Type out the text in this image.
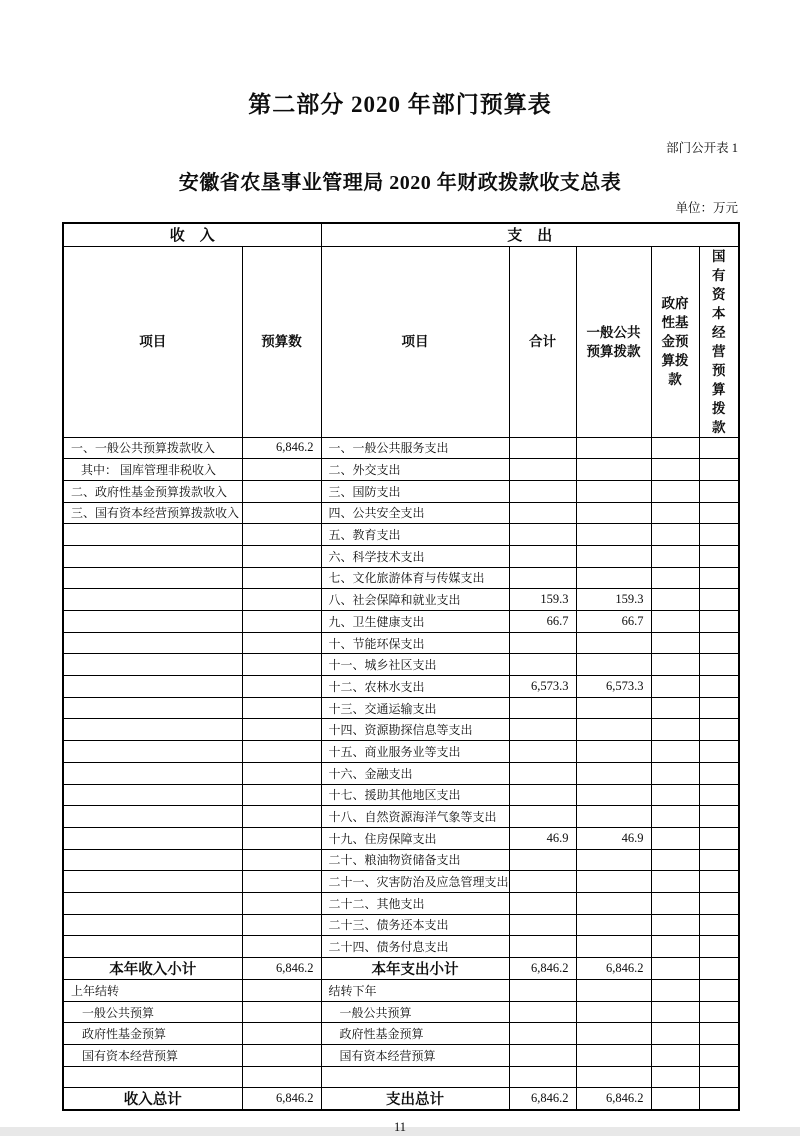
第二部分 2020 年部门预算表
部门公开表 1
安徽省农垦事业管理局 2020 年财政拨款收支总表
单位：万元
收　入		支　出				
项目	预算数	项目	合计	一般公共预算拨款	政府性基金预算拨款	国有资本经营预算拨款
一、一般公共预算拨款收入	6,846.2	一、一般公共服务支出				
其中： 国库管理非税收入		二、外交支出				
二、政府性基金预算拨款收入		三、国防支出				
三、国有资本经营预算拨款收入		四、公共安全支出				
		五、教育支出				
		六、科学技术支出				
		七、文化旅游体育与传媒支出				
		八、社会保障和就业支出	159.3	159.3		
		九、卫生健康支出	66.7	66.7		
		十、节能环保支出				
		十一、城乡社区支出				
		十二、农林水支出	6,573.3	6,573.3		
		十三、交通运输支出				
		十四、资源勘探信息等支出				
		十五、商业服务业等支出				
		十六、金融支出				
		十七、援助其他地区支出				
		十八、自然资源海洋气象等支出				
		十九、住房保障支出	46.9	46.9		
		二十、粮油物资储备支出				
		二十一、灾害防治及应急管理支出				
		二十二、其他支出				
		二十三、债务还本支出				
		二十四、债务付息支出				
本年收入小计	6,846.2	本年支出小计	6,846.2	6,846.2		
上年结转		结转下年				
一般公共预算		一般公共预算				
政府性基金预算		政府性基金预算				
国有资本经营预算		国有资本经营预算				

收入总计	6,846.2	支出总计	6,846.2	6,846.2		
11
